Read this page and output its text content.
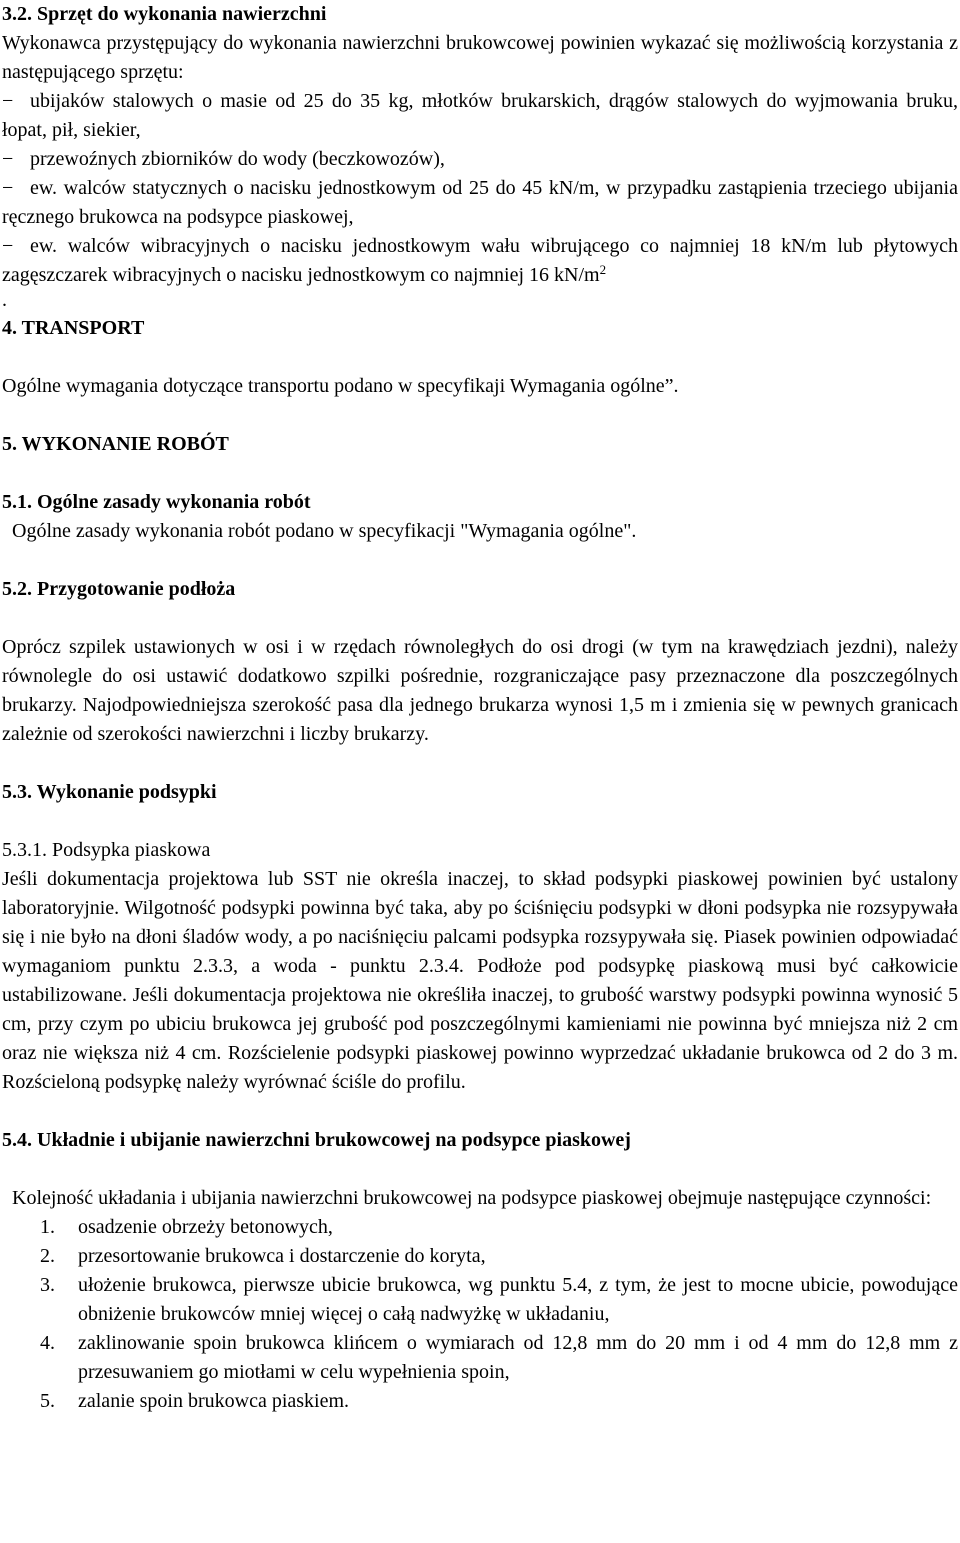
3.2. Sprzęt do wykonania nawierzchni

Wykonawca przystępujący do wykonania nawierzchni brukowcowej powinien wykazać się możliwością korzystania z następującego sprzętu:

− ubijaków stalowych o masie od 25 do 35 kg, młotków brukarskich, drągów stalowych do wyjmowania bruku, łopat, pił, siekier,

− przewoźnych zbiorników do wody (beczkowozów),

− ew. walców statycznych o nacisku jednostkowym od 25 do 45 kN/m, w przypadku zastąpienia trzeciego ubijania ręcznego brukowca na podsypce piaskowej,

− ew. walców wibracyjnych o nacisku jednostkowym wału wibrującego co najmniej 18 kN/m lub płytowych zagęszczarek wibracyjnych o nacisku jednostkowym co najmniej 16 $kN/m^2$

.

4. TRANSPORT

Ogólne wymagania dotyczące transportu podano w specyfikaji Wymagania ogólne”.

5. WYKONANIE ROBÓT

5.1. Ogólne zasady wykonania robót

Ogólne zasady wykonania robót podano w specyfikacji "Wymagania ogólne".

5.2. Przygotowanie podłoża

Oprócz szpilek ustawionych w osi i w rzędach równoległych do osi drogi (w tym na krawędziach jezdni), należy równolegle do osi ustawić dodatkowo szpilki pośrednie, rozgraniczające pasy przeznaczone dla poszczególnych brukarzy. Najodpowiedniejsza szerokość pasa dla jednego brukarza wynosi 1,5 m i zmienia się w pewnych granicach zależnie od szerokości nawierzchni i liczby brukarzy.

5.3. Wykonanie podsypki

5.3.1. Podsypka piaskowa

Jeśli dokumentacja projektowa lub SST nie określa inaczej, to skład podsypki piaskowej powinien być ustalony laboratoryjnie. Wilgotność podsypki powinna być taka, aby po ściśnięciu podsypki w dłoni podsypka nie rozsypywała się i nie było na dłoni śladów wody, a po naciśnięciu palcami podsypka rozsypywała się. Piasek powinien odpowiadać wymaganiom punktu 2.3.3, a woda - punktu 2.3.4. Podłoże pod podsypkę piaskową musi być całkowicie ustabilizowane. Jeśli dokumentacja projektowa nie określiła inaczej, to grubość warstwy podsypki powinna wynosić 5 cm, przy czym po ubiciu brukowca jej grubość pod poszczególnymi kamieniami nie powinna być mniejsza niż 2 cm oraz nie większa niż 4 cm. Rozścielenie podsypki piaskowej powinno wyprzedzać układanie brukowca od 2 do 3 m. Rozścieloną podsypkę należy wyrównać ściśle do profilu.

5.4. Układnie i ubijanie nawierzchni brukowcowej na podsypce piaskowej

Kolejność układania i ubijania nawierzchni brukowcowej na podsypce piaskowej obejmuje następujące czynności:

1.	osadzenie obrzeży betonowych,
2.	przesortowanie brukowca i dostarczenie do koryta,
3.	ułożenie brukowca, pierwsze ubicie brukowca, wg punktu 5.4, z tym, że jest to mocne ubicie, powodujące obniżenie brukowców mniej więcej o całą nadwyżkę w układaniu,
4.	zaklinowanie spoin brukowca klińcem o wymiarach od 12,8 mm do 20 mm i od 4 mm do 12,8 mm z przesuwaniem go miotłami w celu wypełnienia spoin,
5.	zalanie spoin brukowca piaskiem.
